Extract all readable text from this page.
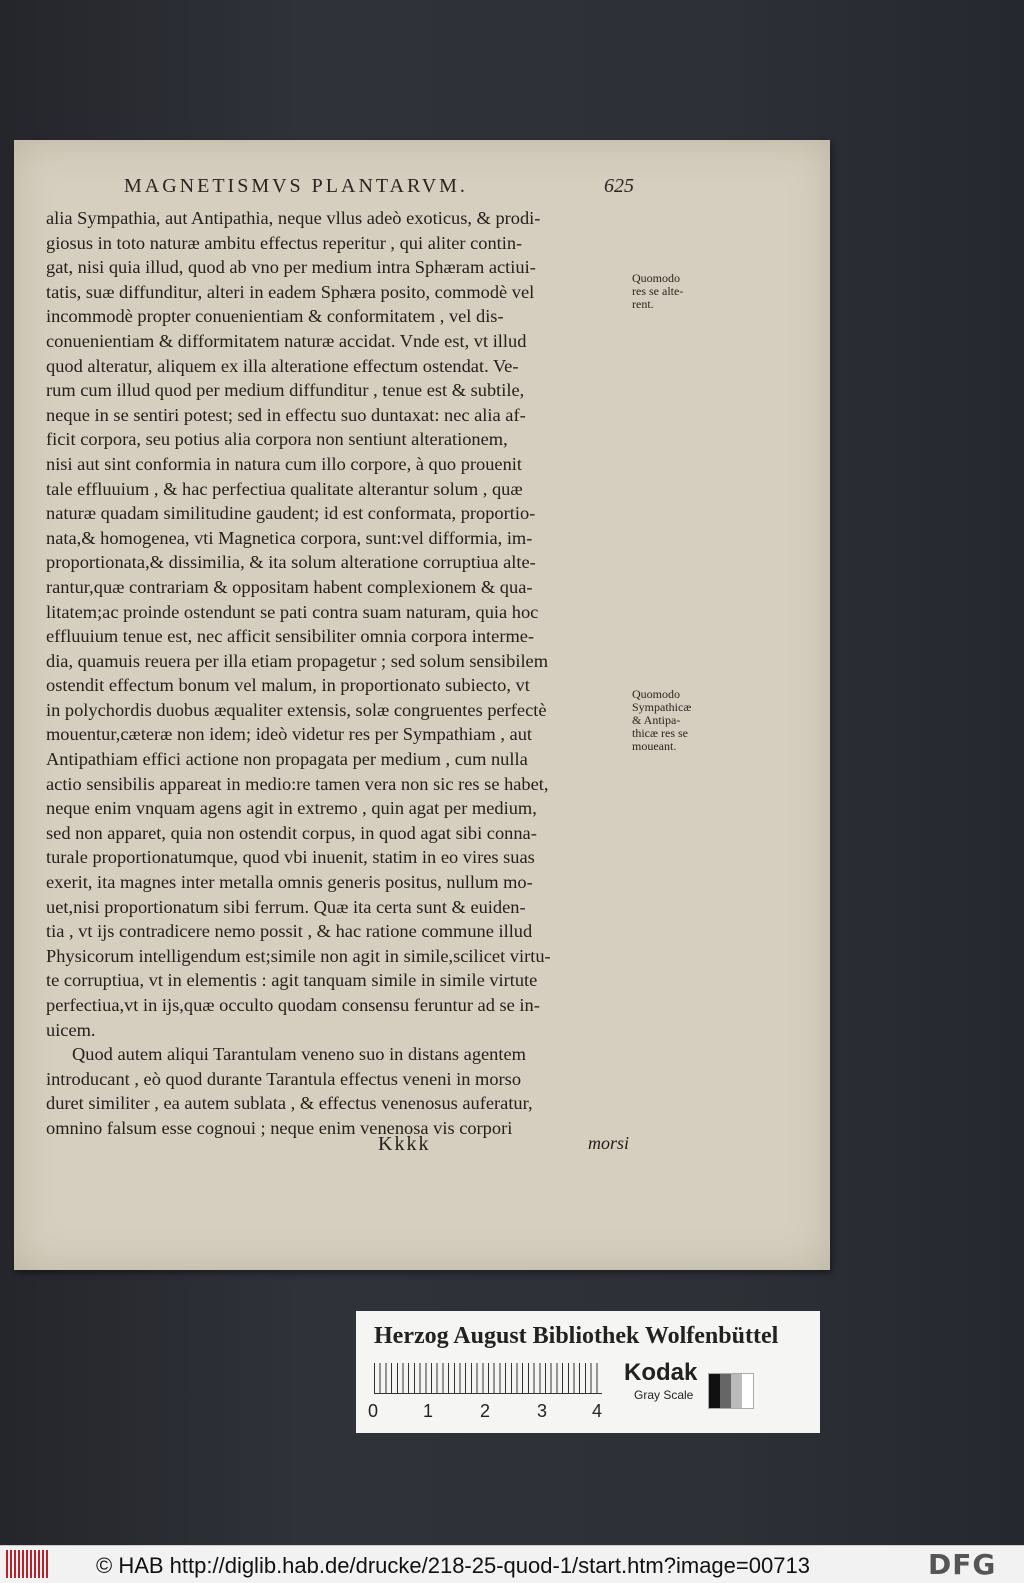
MAGNETISMVS PLANTARVM.	625
alia Sympathia, aut Antipathia, neque vllus adeò exoticus, & prodi-
giosus in toto naturæ ambitu effectus reperitur , qui aliter contin-
gat, nisi quia illud, quod ab vno per medium intra Sphæram actiui-
tatis, suæ diffunditur, alteri in eadem Sphæra posito, commodè vel
incommodè propter conuenientiam & conformitatem , vel dis-
conuenientiam & difformitatem naturæ accidat. Vnde est, vt illud
quod alteratur, aliquem ex illa alteratione effectum ostendat. Ve-
rum cum illud quod per medium diffunditur , tenue est & subtile,
neque in se sentiri potest; sed in effectu suo duntaxat: nec alia af-
ficit corpora, seu potius alia corpora non sentiunt alterationem,
nisi aut sint conformia in natura cum illo corpore, à quo prouenit
tale effluuium , & hac perfectiua qualitate alterantur solum , quæ
naturæ quadam similitudine gaudent; id est conformata, proportio-
nata,& homogenea, vti Magnetica corpora, sunt:vel difformia, im-
proportionata,& dissimilia, & ita solum alteratione corruptiua alte-
rantur,quæ contrariam & oppositam habent complexionem & qua-
litatem;ac proinde ostendunt se pati contra suam naturam, quia hoc
effluuium tenue est, nec afficit sensibiliter omnia corpora interme-
dia, quamuis reuera per illa etiam propagetur ; sed solum sensibilem
ostendit effectum bonum vel malum, in proportionato subiecto, vt
in polychordis duobus æqualiter extensis, solæ congruentes perfectè
mouentur,cæteræ non idem; ideò videtur res per Sympathiam , aut
Antipathiam effici actione non propagata per medium , cum nulla
actio sensibilis appareat in medio:re tamen vera non sic res se habet,
neque enim vnquam agens agit in extremo , quin agat per medium,
sed non apparet, quia non ostendit corpus, in quod agat sibi conna-
turale proportionatumque, quod vbi inuenit, statim in eo vires suas
exerit, ita magnes inter metalla omnis generis positus, nullum mo-
uet,nisi proportionatum sibi ferrum. Quæ ita certa sunt & euiden-
tia , vt ijs contradicere nemo possit , & hac ratione commune illud
Physicorum intelligendum est;simile non agit in simile,scilicet virtu-
te corruptiua, vt in elementis : agit tanquam simile in simile virtute
perfectiua,vt in ijs,quæ occulto quodam consensu feruntur ad se in-
uicem.
Quod autem aliqui Tarantulam veneno suo in distans agentem
introducant , eò quod durante Tarantula effectus veneni in morso
duret similiter , ea autem sublata , & effectus venenosus auferatur,
omnino falsum esse cognoui ; neque enim venenosa vis corpori
Quomodo
res se alte-
rent.
Quomodo
Sympathicæ
& Antipa-
thicæ res se
moueant.
Kkkk	morsi
Herzog August Bibliothek Wolfenbüttel
0 1	2	3 4
Kodak
Gray Scale
© HAB http://diglib.hab.de/drucke/218-25-quod-1/start.htm?image=00713	DFG
